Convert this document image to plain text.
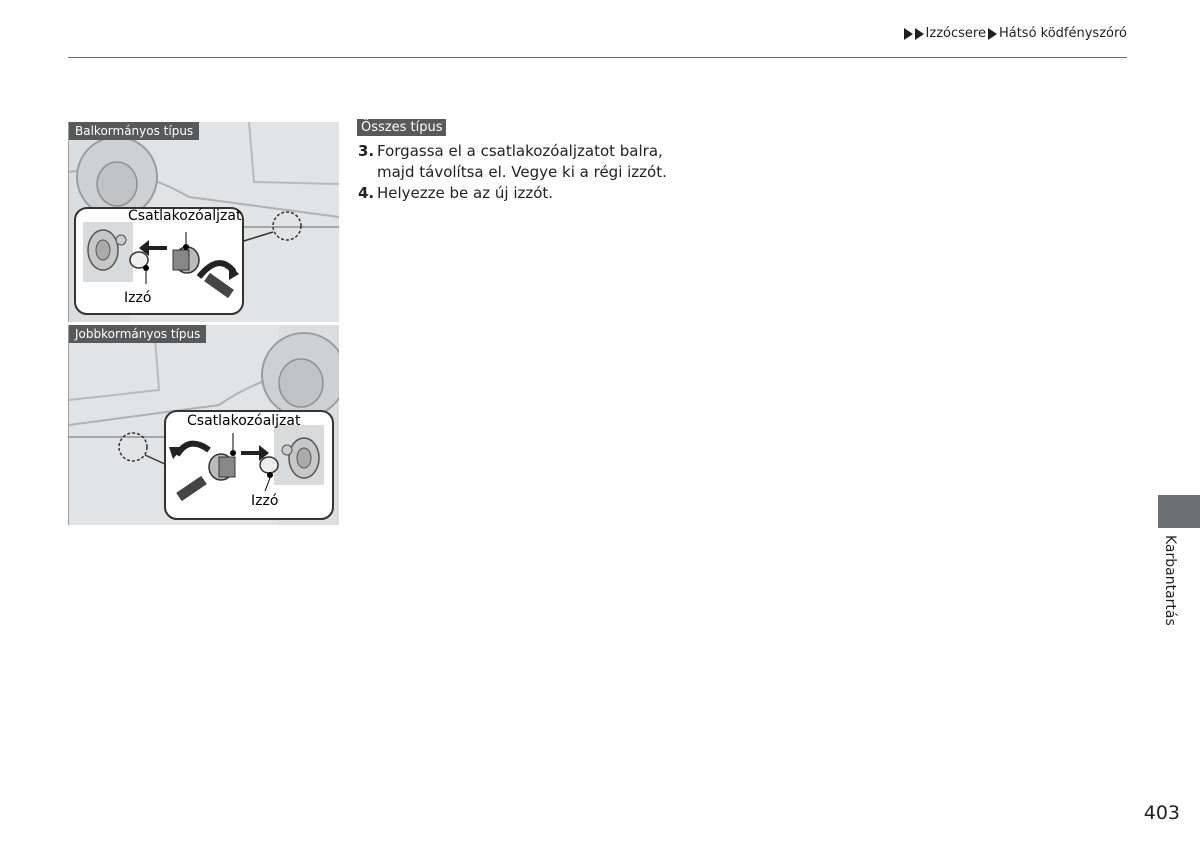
Izzócsere Hátsó ködfényszóró
Balkormányos típus
Csatlakozóaljzat
Izzó
Jobbkormányos típus
Csatlakozóaljzat
Izzó
Összes típus
3. Forgassa el a csatlakozóaljzatot balra, majd távolítsa el. Vegye ki a régi izzót.
4. Helyezze be az új izzót.
Karbantartás
403
